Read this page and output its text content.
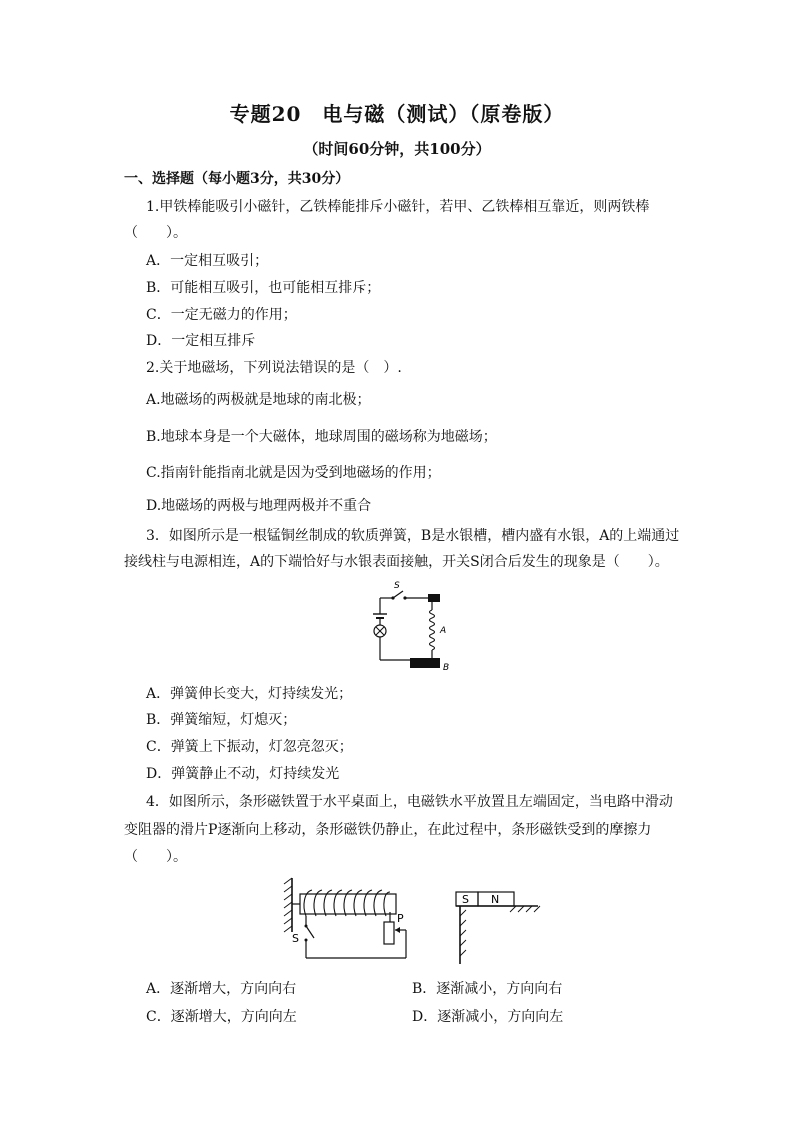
专题20　电与磁（测试）（原卷版）
（时间60分钟，共100分）
一、选择题（每小题3分，共30分）
1.甲铁棒能吸引小磁针，乙铁棒能排斥小磁针，若甲、乙铁棒相互靠近，则两铁棒
（　　）。
A．一定相互吸引；
B．可能相互吸引，也可能相互排斥；
C．一定无磁力的作用；
D．一定相互排斥
2.关于地磁场，下列说法错误的是（　）.
A.地磁场的两极就是地球的南北极；
B.地球本身是一个大磁体，地球周围的磁场称为地磁场；
C.指南针能指南北就是因为受到地磁场的作用；
D.地磁场的两极与地理两极并不重合
3．如图所示是一根锰铜丝制成的软质弹簧，B是水银槽，槽内盛有水银，A的上端通过
接线柱与电源相连，A的下端恰好与水银表面接触，开关S闭合后发生的现象是（　　）。
S
A
B
A．弹簧伸长变大，灯持续发光；
B．弹簧缩短，灯熄灭；
C．弹簧上下振动，灯忽亮忽灭；
D．弹簧静止不动，灯持续发光
4．如图所示，条形磁铁置于水平桌面上，电磁铁水平放置且左端固定，当电路中滑动
变阻器的滑片P逐渐向上移动，条形磁铁仍静止，在此过程中，条形磁铁受到的摩擦力
（　　）。
S
P
S N
A．逐渐增大，方向向右	B．逐渐减小，方向向右
C．逐渐增大，方向向左	D．逐渐减小，方向向左
